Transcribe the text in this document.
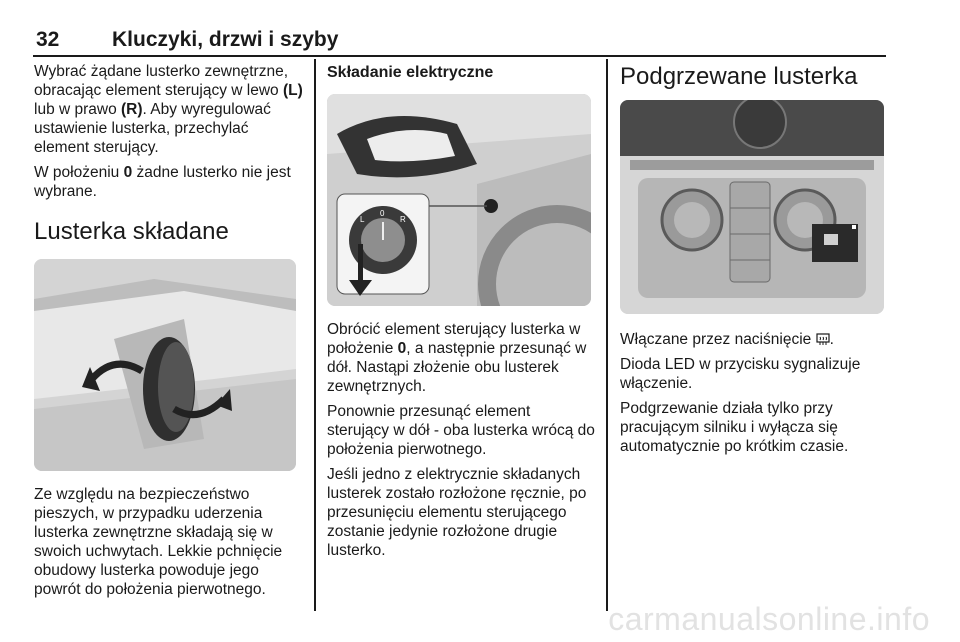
32	Kluczyki, drzwi i szyby

Wybrać żądane lusterko zewnętrzne, obracając element sterujący w lewo (L) lub w prawo (R). Aby wyregulować ustawienie lusterka, przechylać element sterujący.

W położeniu 0 żadne lusterko nie jest wybrane.

Lusterka składane

Ze względu na bezpieczeństwo pieszych, w przypadku uderzenia lusterka zewnętrzne składają się w swoich uchwytach. Lekkie pchnięcie obudowy lusterka powoduje jego powrót do położenia pierwotnego.

Składanie elektryczne
L
0
R

Obrócić element sterujący lusterka w położenie 0, a następnie przesunąć w dół. Nastąpi złożenie obu lusterek zewnętrznych.

Ponownie przesunąć element sterujący w dół - oba lusterka wrócą do położenia pierwotnego.

Jeśli jedno z elektrycznie składanych lusterek zostało rozłożone ręcznie, po przesunięciu elementu sterującego zostanie jedynie rozłożone drugie lusterko.

Podgrzewane lusterka

Włączane przez naciśnięcie .

Dioda LED w przycisku sygnalizuje włączenie.

Podgrzewanie działa tylko przy pracującym silniku i wyłącza się automatycznie po krótkim czasie.

carmanualsonline.info
